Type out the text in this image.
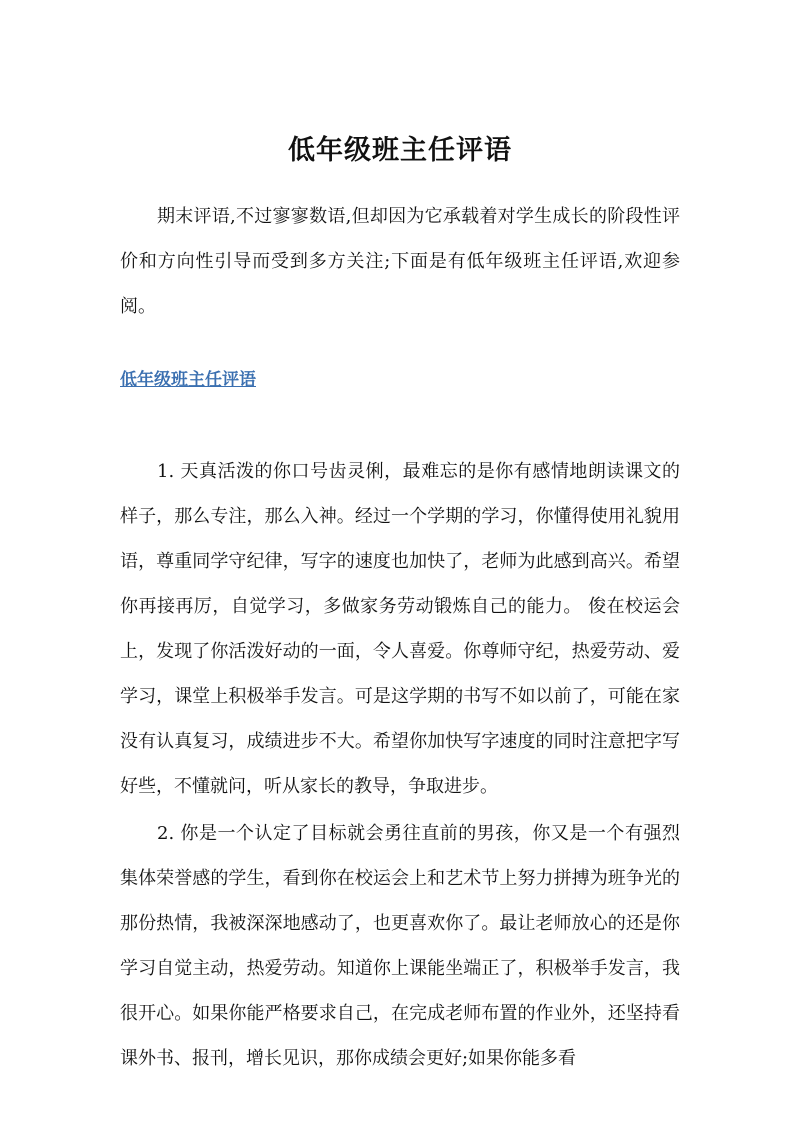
低年级班主任评语

期末评语,不过寥寥数语,但却因为它承载着对学生成长的阶段性评价和方向性引导而受到多方关注;下面是有低年级班主任评语,欢迎参阅。

低年级班主任评语

1. 天真活泼的你口号齿灵俐，最难忘的是你有感情地朗读课文的样子，那么专注，那么入神。经过一个学期的学习，你懂得使用礼貌用语，尊重同学守纪律，写字的速度也加快了，老师为此感到高兴。希望你再接再厉，自觉学习，多做家务劳动锻炼自己的能力。 俊在校运会上，发现了你活泼好动的一面，令人喜爱。你尊师守纪，热爱劳动、爱学习，课堂上积极举手发言。可是这学期的书写不如以前了，可能在家没有认真复习，成绩进步不大。希望你加快写字速度的同时注意把字写好些，不懂就问，听从家长的教导，争取进步。

2. 你是一个认定了目标就会勇往直前的男孩，你又是一个有强烈集体荣誉感的学生，看到你在校运会上和艺术节上努力拼搏为班争光的那份热情，我被深深地感动了，也更喜欢你了。最让老师放心的还是你学习自觉主动，热爱劳动。知道你上课能坐端正了，积极举手发言，我很开心。如果你能严格要求自己，在完成老师布置的作业外，还坚持看课外书、报刊，增长见识，那你成绩会更好;如果你能多看
